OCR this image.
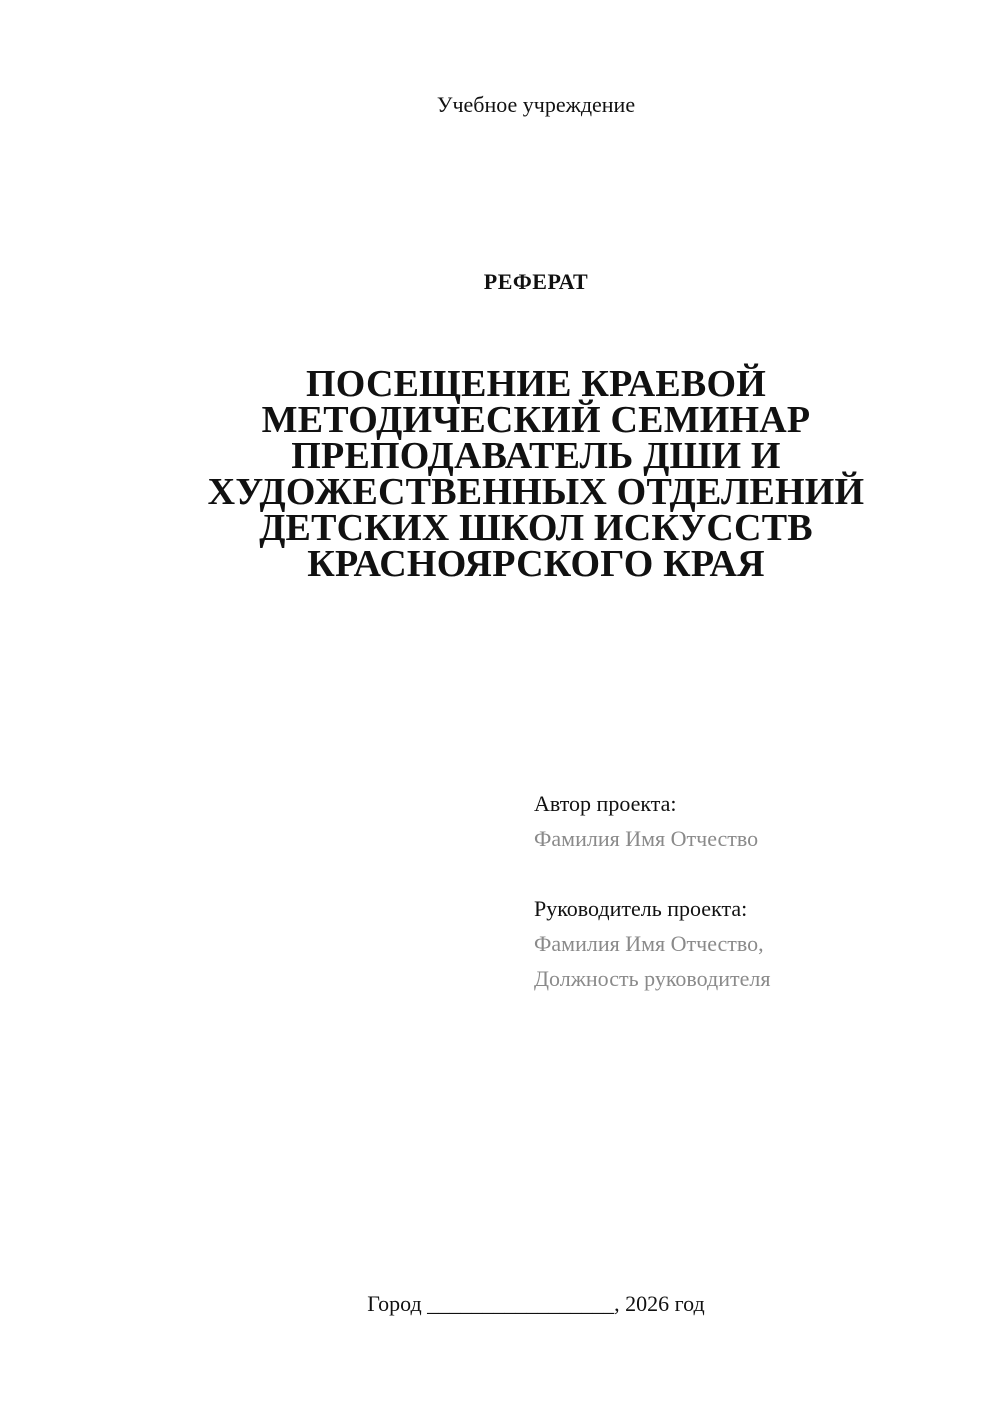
Учебное учреждение
РЕФЕРАТ
ПОСЕЩЕНИЕ КРАЕВОЙ
МЕТОДИЧЕСКИЙ СЕМИНАР
ПРЕПОДАВАТЕЛЬ ДШИ И
ХУДОЖЕСТВЕННЫХ ОТДЕЛЕНИЙ
ДЕТСКИХ ШКОЛ ИСКУССТВ
КРАСНОЯРСКОГО КРАЯ
Автор проекта:
Фамилия Имя Отчество
Руководитель проекта:
Фамилия Имя Отчество,
Должность руководителя
Город _________________, 2026 год
